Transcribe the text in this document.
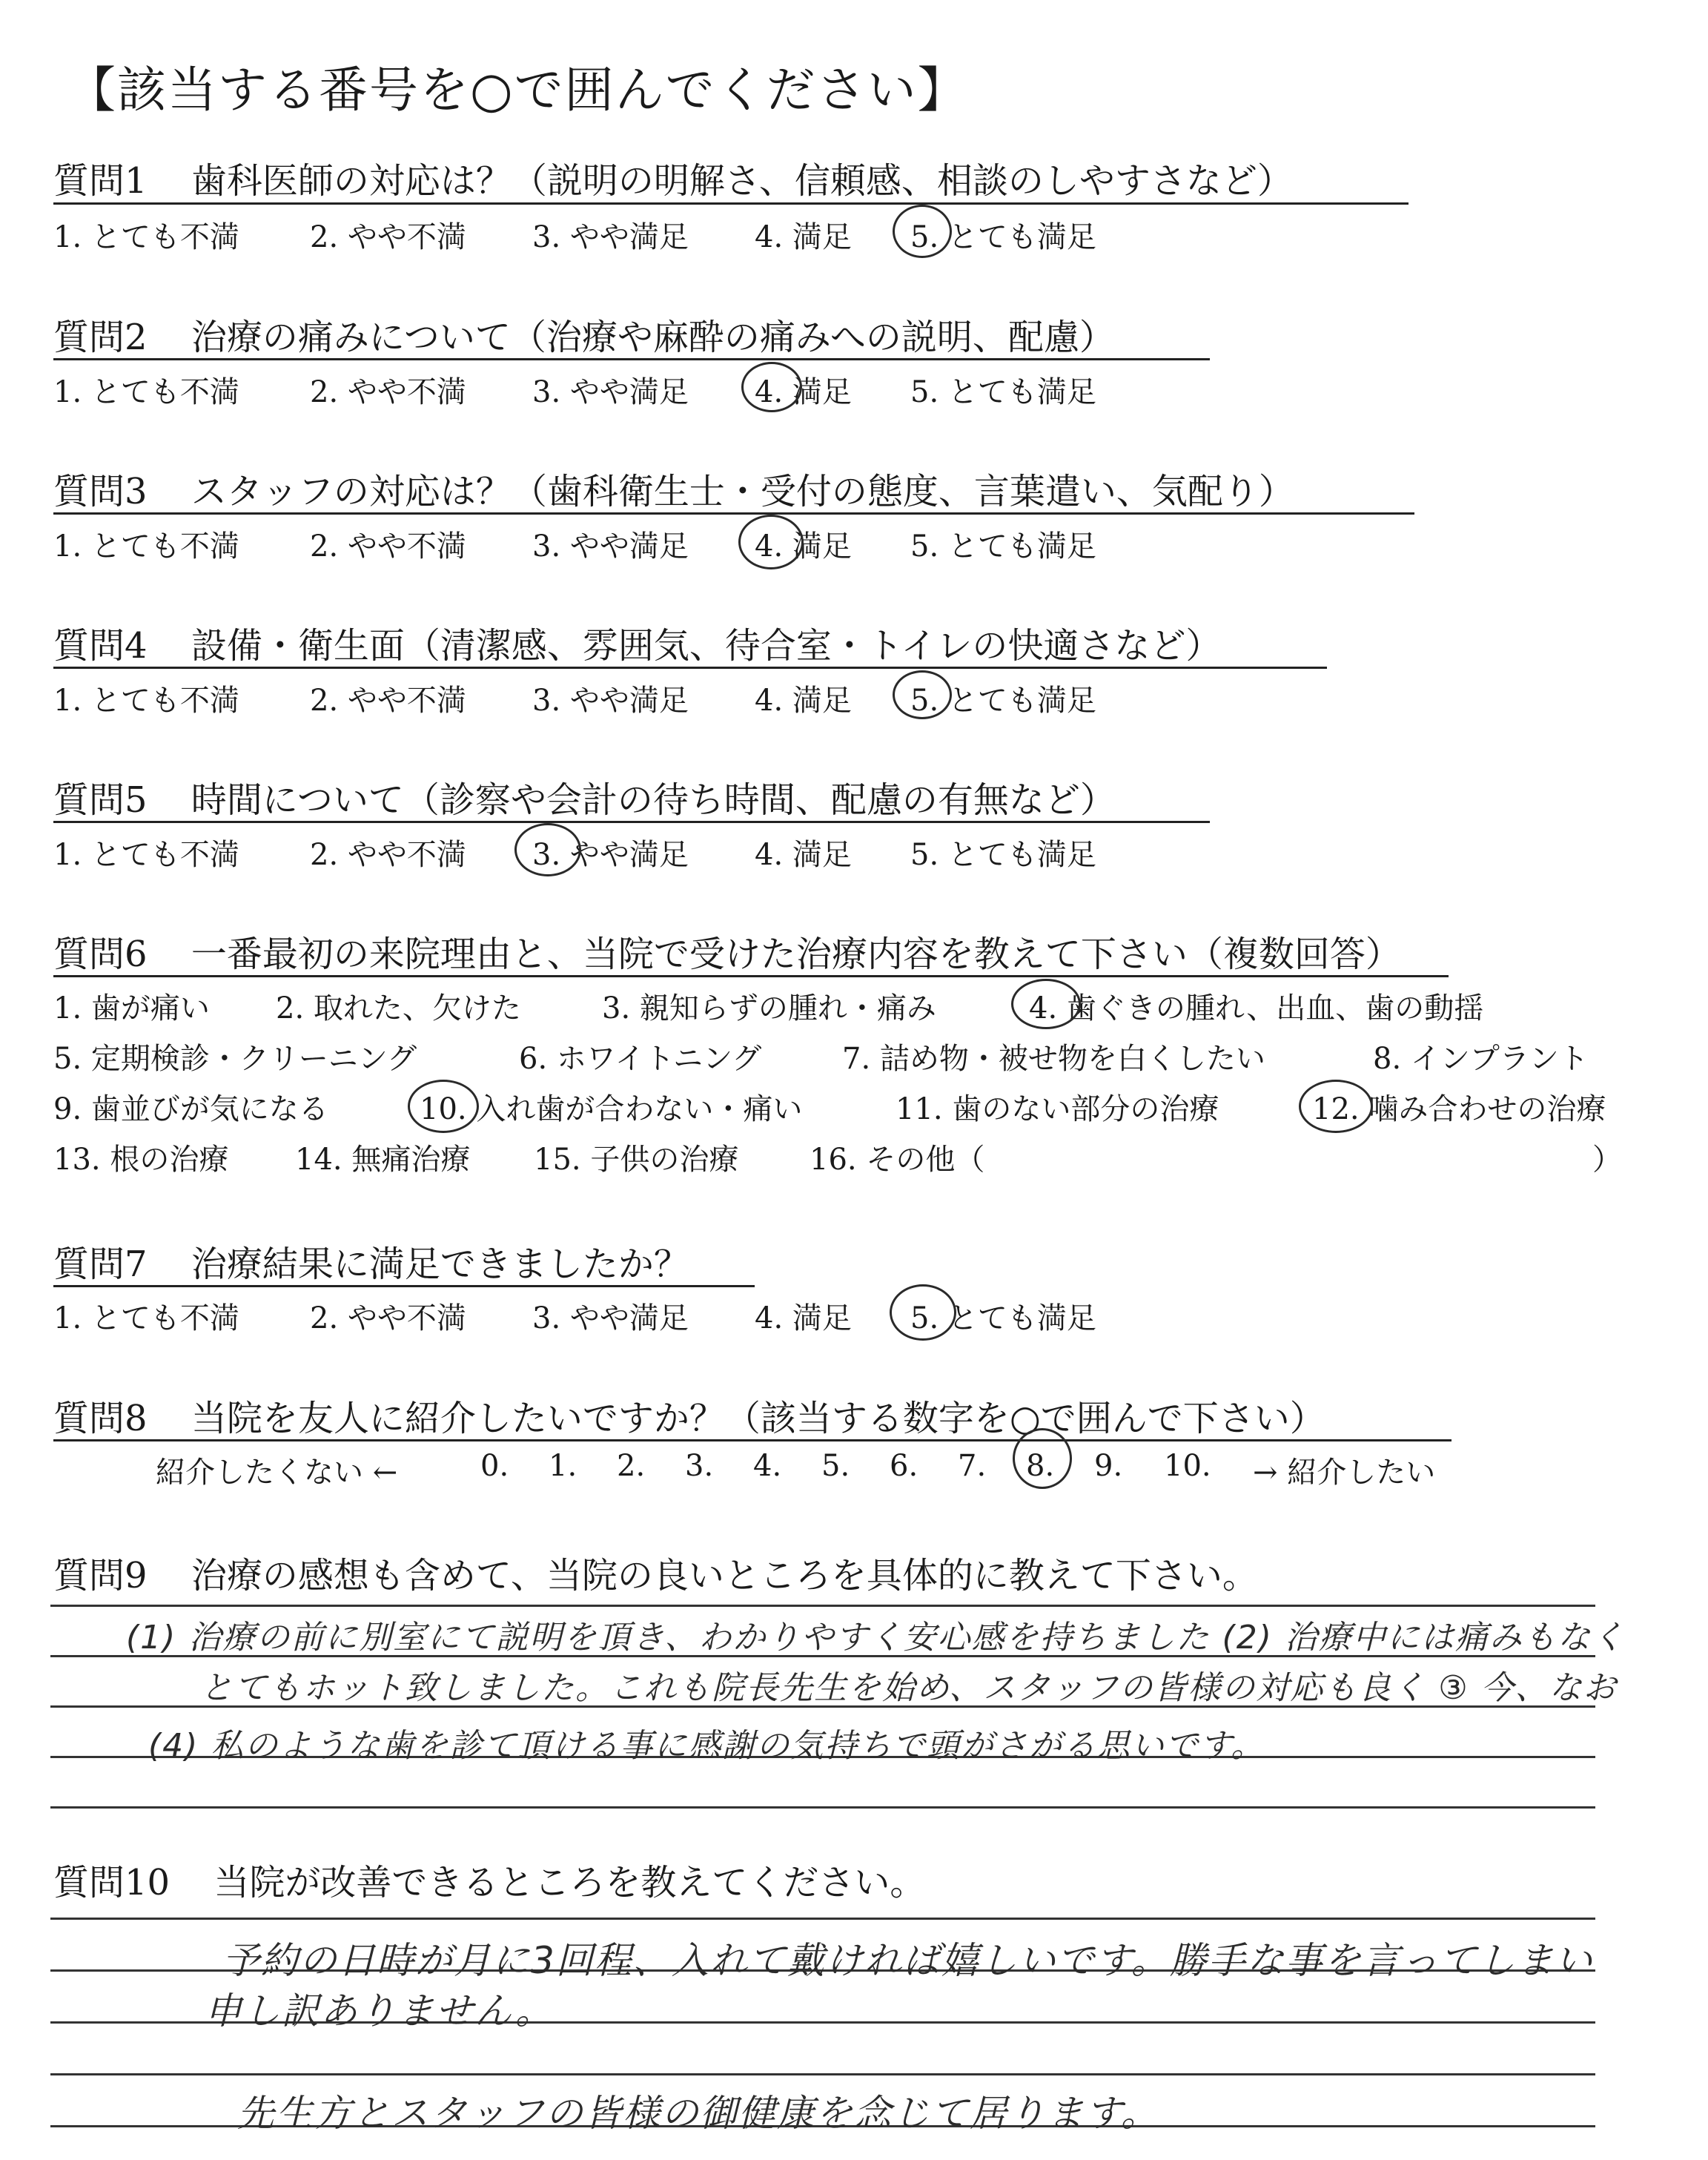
【該当する番号を○で囲んでください】
質問1 歯科医師の対応は？（説明の明解さ、信頼感、相談のしやすさなど）
1. とても不満 2. やや不満 3. やや満足 4. 満足 5. とても満足
質問2 治療の痛みについて（治療や麻酔の痛みへの説明、配慮）
1. とても不満 2. やや不満 3. やや満足 4. 満足 5. とても満足
質問3 スタッフの対応は？（歯科衛生士・受付の態度、言葉遣い、気配り）
1. とても不満 2. やや不満 3. やや満足 4. 満足 5. とても満足
質問4 設備・衛生面（清潔感、雰囲気、待合室・トイレの快適さなど）
1. とても不満 2. やや不満 3. やや満足 4. 満足 5. とても満足
質問5 時間について（診察や会計の待ち時間、配慮の有無など）
1. とても不満 2. やや不満 3. やや満足 4. 満足 5. とても満足
質問6 一番最初の来院理由と、当院で受けた治療内容を教えて下さい（複数回答）
1. 歯が痛い 2. 取れた、欠けた	3. 親知らずの腫れ・痛み	4. 歯ぐきの腫れ、出血、歯の動揺
5. 定期検診・クリーニング	6. ホワイトニング	7. 詰め物・被せ物を白くしたい	8. インプラント
9. 歯並びが気になる	10. 入れ歯が合わない・痛い	11. 歯のない部分の治療	12. 噛み合わせの治療
13. 根の治療 14. 無痛治療 15. 子供の治療 16. その他（	）
質問7 治療結果に満足できましたか？
1. とても不満 2. やや不満 3. やや満足 4. 満足 5. とても満足
質問8 当院を友人に紹介したいですか？（該当する数字を○で囲んで下さい）
紹介したくない ←	0. 1. 2. 3. 4. 5. 6. 7. 8. 9. 10. → 紹介したい
質問9 治療の感想も含めて、当院の良いところを具体的に教えて下さい。
(1) 治療の前に別室にて説明を頂き、わかりやすく安心感を持ちました (2) 治療中には痛みもなく
とてもホット致しました。これも院長先生を始め、スタッフの皆様の対応も良く ③ 今、なお
(4) 私のような歯を診て頂ける事に感謝の気持ちで頭がさがる思いです。
質問10 当院が改善できるところを教えてください。
予約の日時が月に3回程、入れて戴ければ嬉しいです。勝手な事を言ってしまい
申し訳ありません。
先生方とスタッフの皆様の御健康を念じて居ります。
